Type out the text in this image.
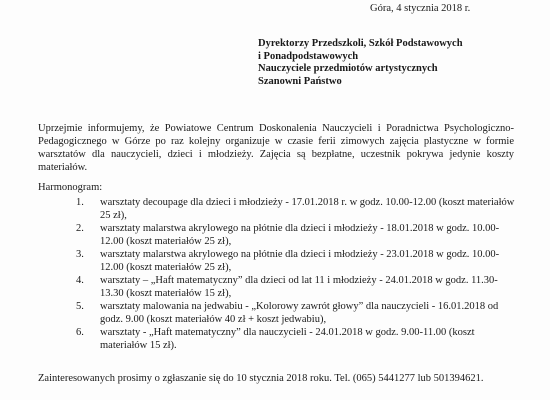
Góra, 4 stycznia 2018 r.
Dyrektorzy Przedszkoli, Szkół Podstawowych
i Ponadpodstawowych
Nauczyciele przedmiotów artystycznych
Szanowni Państwo
Uprzejmie informujemy, że Powiatowe Centrum Doskonalenia Nauczycieli i Poradnictwa Psychologiczno-Pedagogicznego w Górze po raz kolejny organizuje w czasie ferii zimowych zajęcia plastyczne w formie warsztatów dla nauczycieli, dzieci i młodzieży. Zajęcia są bezpłatne, uczestnik pokrywa jedynie koszty materiałów.
Harmonogram:
1. warsztaty decoupage dla dzieci i młodzieży - 17.01.2018 r. w godz. 10.00-12.00 (koszt materiałów 25 zł),
2. warsztaty malarstwa akrylowego na płótnie dla dzieci i młodzieży - 18.01.2018 w godz. 10.00-12.00 (koszt materiałów 25 zł),
3. warsztaty malarstwa akrylowego na płótnie dla dzieci i młodzieży - 23.01.2018 w godz. 10.00-12.00 (koszt materiałów 25 zł),
4. warsztaty – „Haft matematyczny” dla dzieci od lat 11 i młodzieży - 24.01.2018 w godz. 11.30-13.30 (koszt materiałów 15 zł),
5. warsztaty malowania na jedwabiu - „Kolorowy zawrót głowy” dla nauczycieli - 16.01.2018 od godz. 9.00 (koszt materiałów 40 zł + koszt jedwabiu),
6. warsztaty - „Haft matematyczny” dla nauczycieli - 24.01.2018 w godz. 9.00-11.00 (koszt materiałów 15 zł).
Zainteresowanych prosimy o zgłaszanie się do 10 stycznia 2018 roku. Tel. (065) 5441277 lub 501394621.
